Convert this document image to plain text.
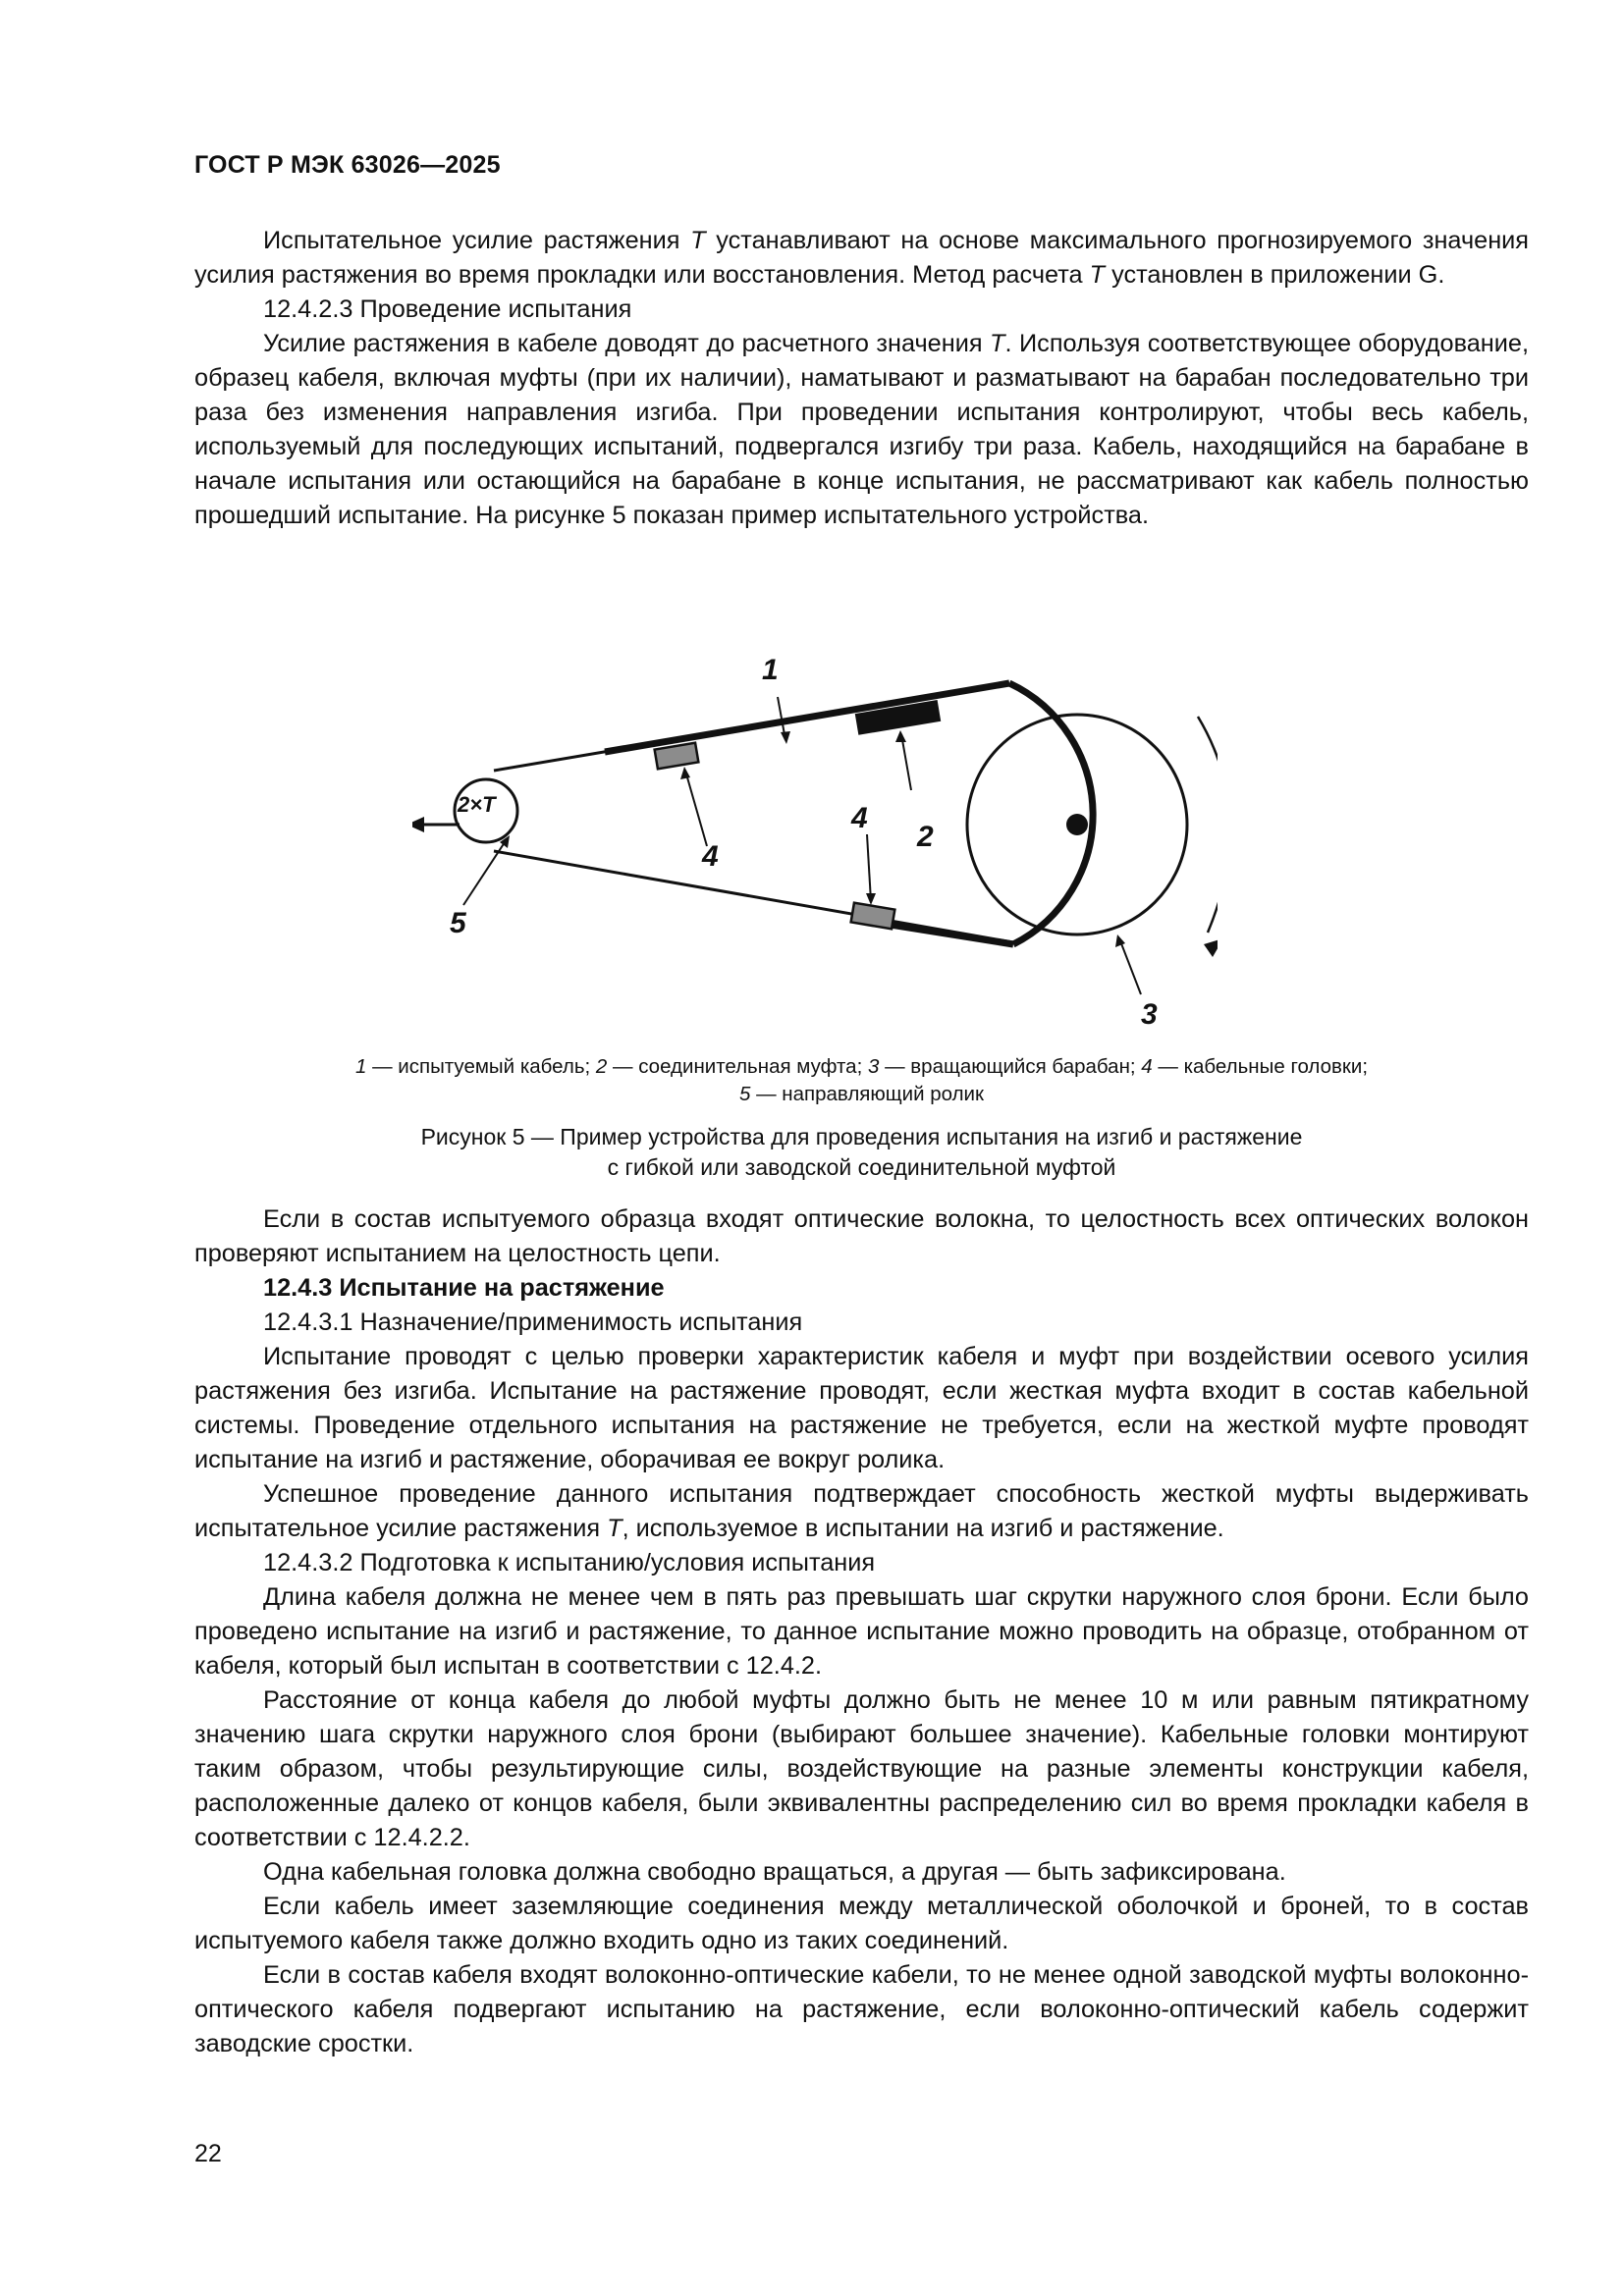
ГОСТ Р МЭК 63026—2025

Испытательное усилие растяжения T устанавливают на основе максимального прогнозируемого значения усилия растяжения во время прокладки или восстановления. Метод расчета T установлен в приложении G.

12.4.2.3 Проведение испытания

Усилие растяжения в кабеле доводят до расчетного значения T. Используя соответствующее оборудование, образец кабеля, включая муфты (при их наличии), наматывают и разматывают на барабан последовательно три раза без изменения направления изгиба. При проведении испытания контролируют, чтобы весь кабель, используемый для последующих испытаний, подвергался изгибу три раза. Кабель, находящийся на барабане в начале испытания или остающийся на барабане в конце испытания, не рассматривают как кабель полностью прошедший испытание. На рисунке 5 показан пример испытательного устройства.

1
2
3
4
4
5
2×T
1 — испытуемый кабель; 2 — соединительная муфта; 3 — вращающийся барабан; 4 — кабельные головки;
5 — направляющий ролик
Рисунок 5 — Пример устройства для проведения испытания на изгиб и растяжение
с гибкой или заводской соединительной муфтой

Если в состав испытуемого образца входят оптические волокна, то целостность всех оптических волокон проверяют испытанием на целостность цепи.

12.4.3 Испытание на растяжение

12.4.3.1 Назначение/применимость испытания

Испытание проводят с целью проверки характеристик кабеля и муфт при воздействии осевого усилия растяжения без изгиба. Испытание на растяжение проводят, если жесткая муфта входит в состав кабельной системы. Проведение отдельного испытания на растяжение не требуется, если на жесткой муфте проводят испытание на изгиб и растяжение, оборачивая ее вокруг ролика.

Успешное проведение данного испытания подтверждает способность жесткой муфты выдерживать испытательное усилие растяжения T, используемое в испытании на изгиб и растяжение.

12.4.3.2 Подготовка к испытанию/условия испытания

Длина кабеля должна не менее чем в пять раз превышать шаг скрутки наружного слоя брони. Если было проведено испытание на изгиб и растяжение, то данное испытание можно проводить на образце, отобранном от кабеля, который был испытан в соответствии с 12.4.2.

Расстояние от конца кабеля до любой муфты должно быть не менее 10 м или равным пятикратному значению шага скрутки наружного слоя брони (выбирают большее значение). Кабельные головки монтируют таким образом, чтобы результирующие силы, воздействующие на разные элементы конструкции кабеля, расположенные далеко от концов кабеля, были эквивалентны распределению сил во время прокладки кабеля в соответствии с 12.4.2.2.

Одна кабельная головка должна свободно вращаться, а другая — быть зафиксирована.

Если кабель имеет заземляющие соединения между металлической оболочкой и броней, то в состав испытуемого кабеля также должно входить одно из таких соединений.

Если в состав кабеля входят волоконно-оптические кабели, то не менее одной заводской муфты волоконно-оптического кабеля подвергают испытанию на растяжение, если волоконно-оптический кабель содержит заводские сростки.

22
